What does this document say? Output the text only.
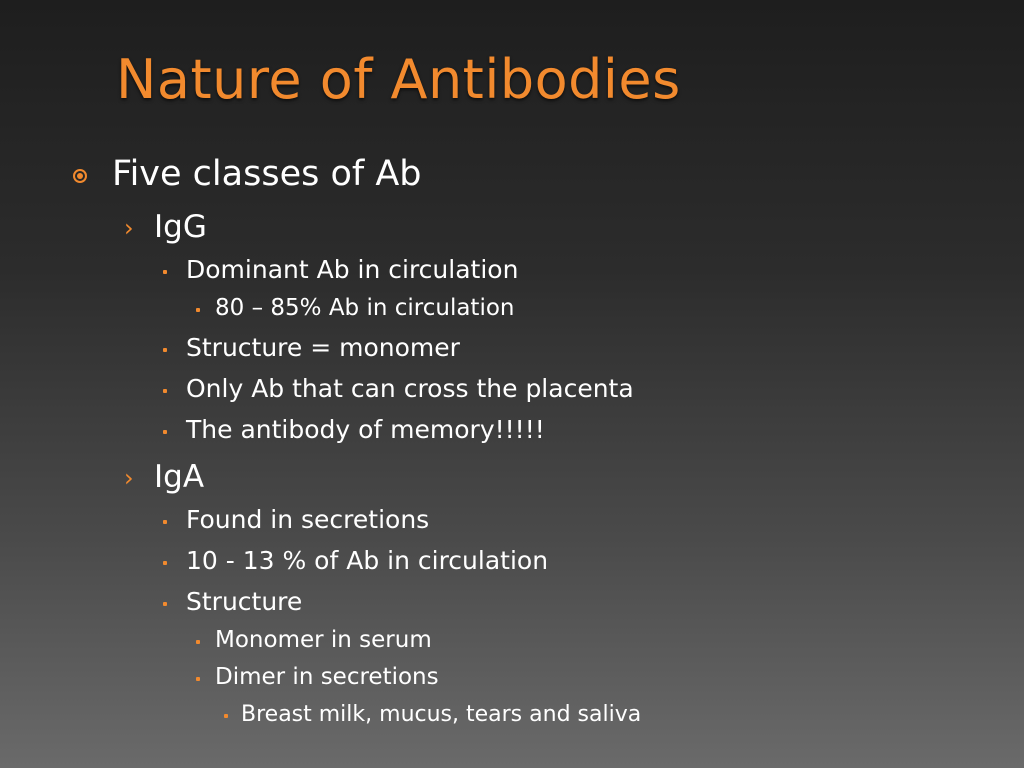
Nature of Antibodies
Five classes of Ab
› IgG
Dominant Ab in circulation
80 – 85% Ab in circulation
Structure = monomer
Only Ab that can cross the placenta
The antibody of memory!!!!!
› IgA
Found in secretions
10 - 13 % of Ab in circulation
Structure
Monomer in serum
Dimer in secretions
Breast milk, mucus, tears and saliva
